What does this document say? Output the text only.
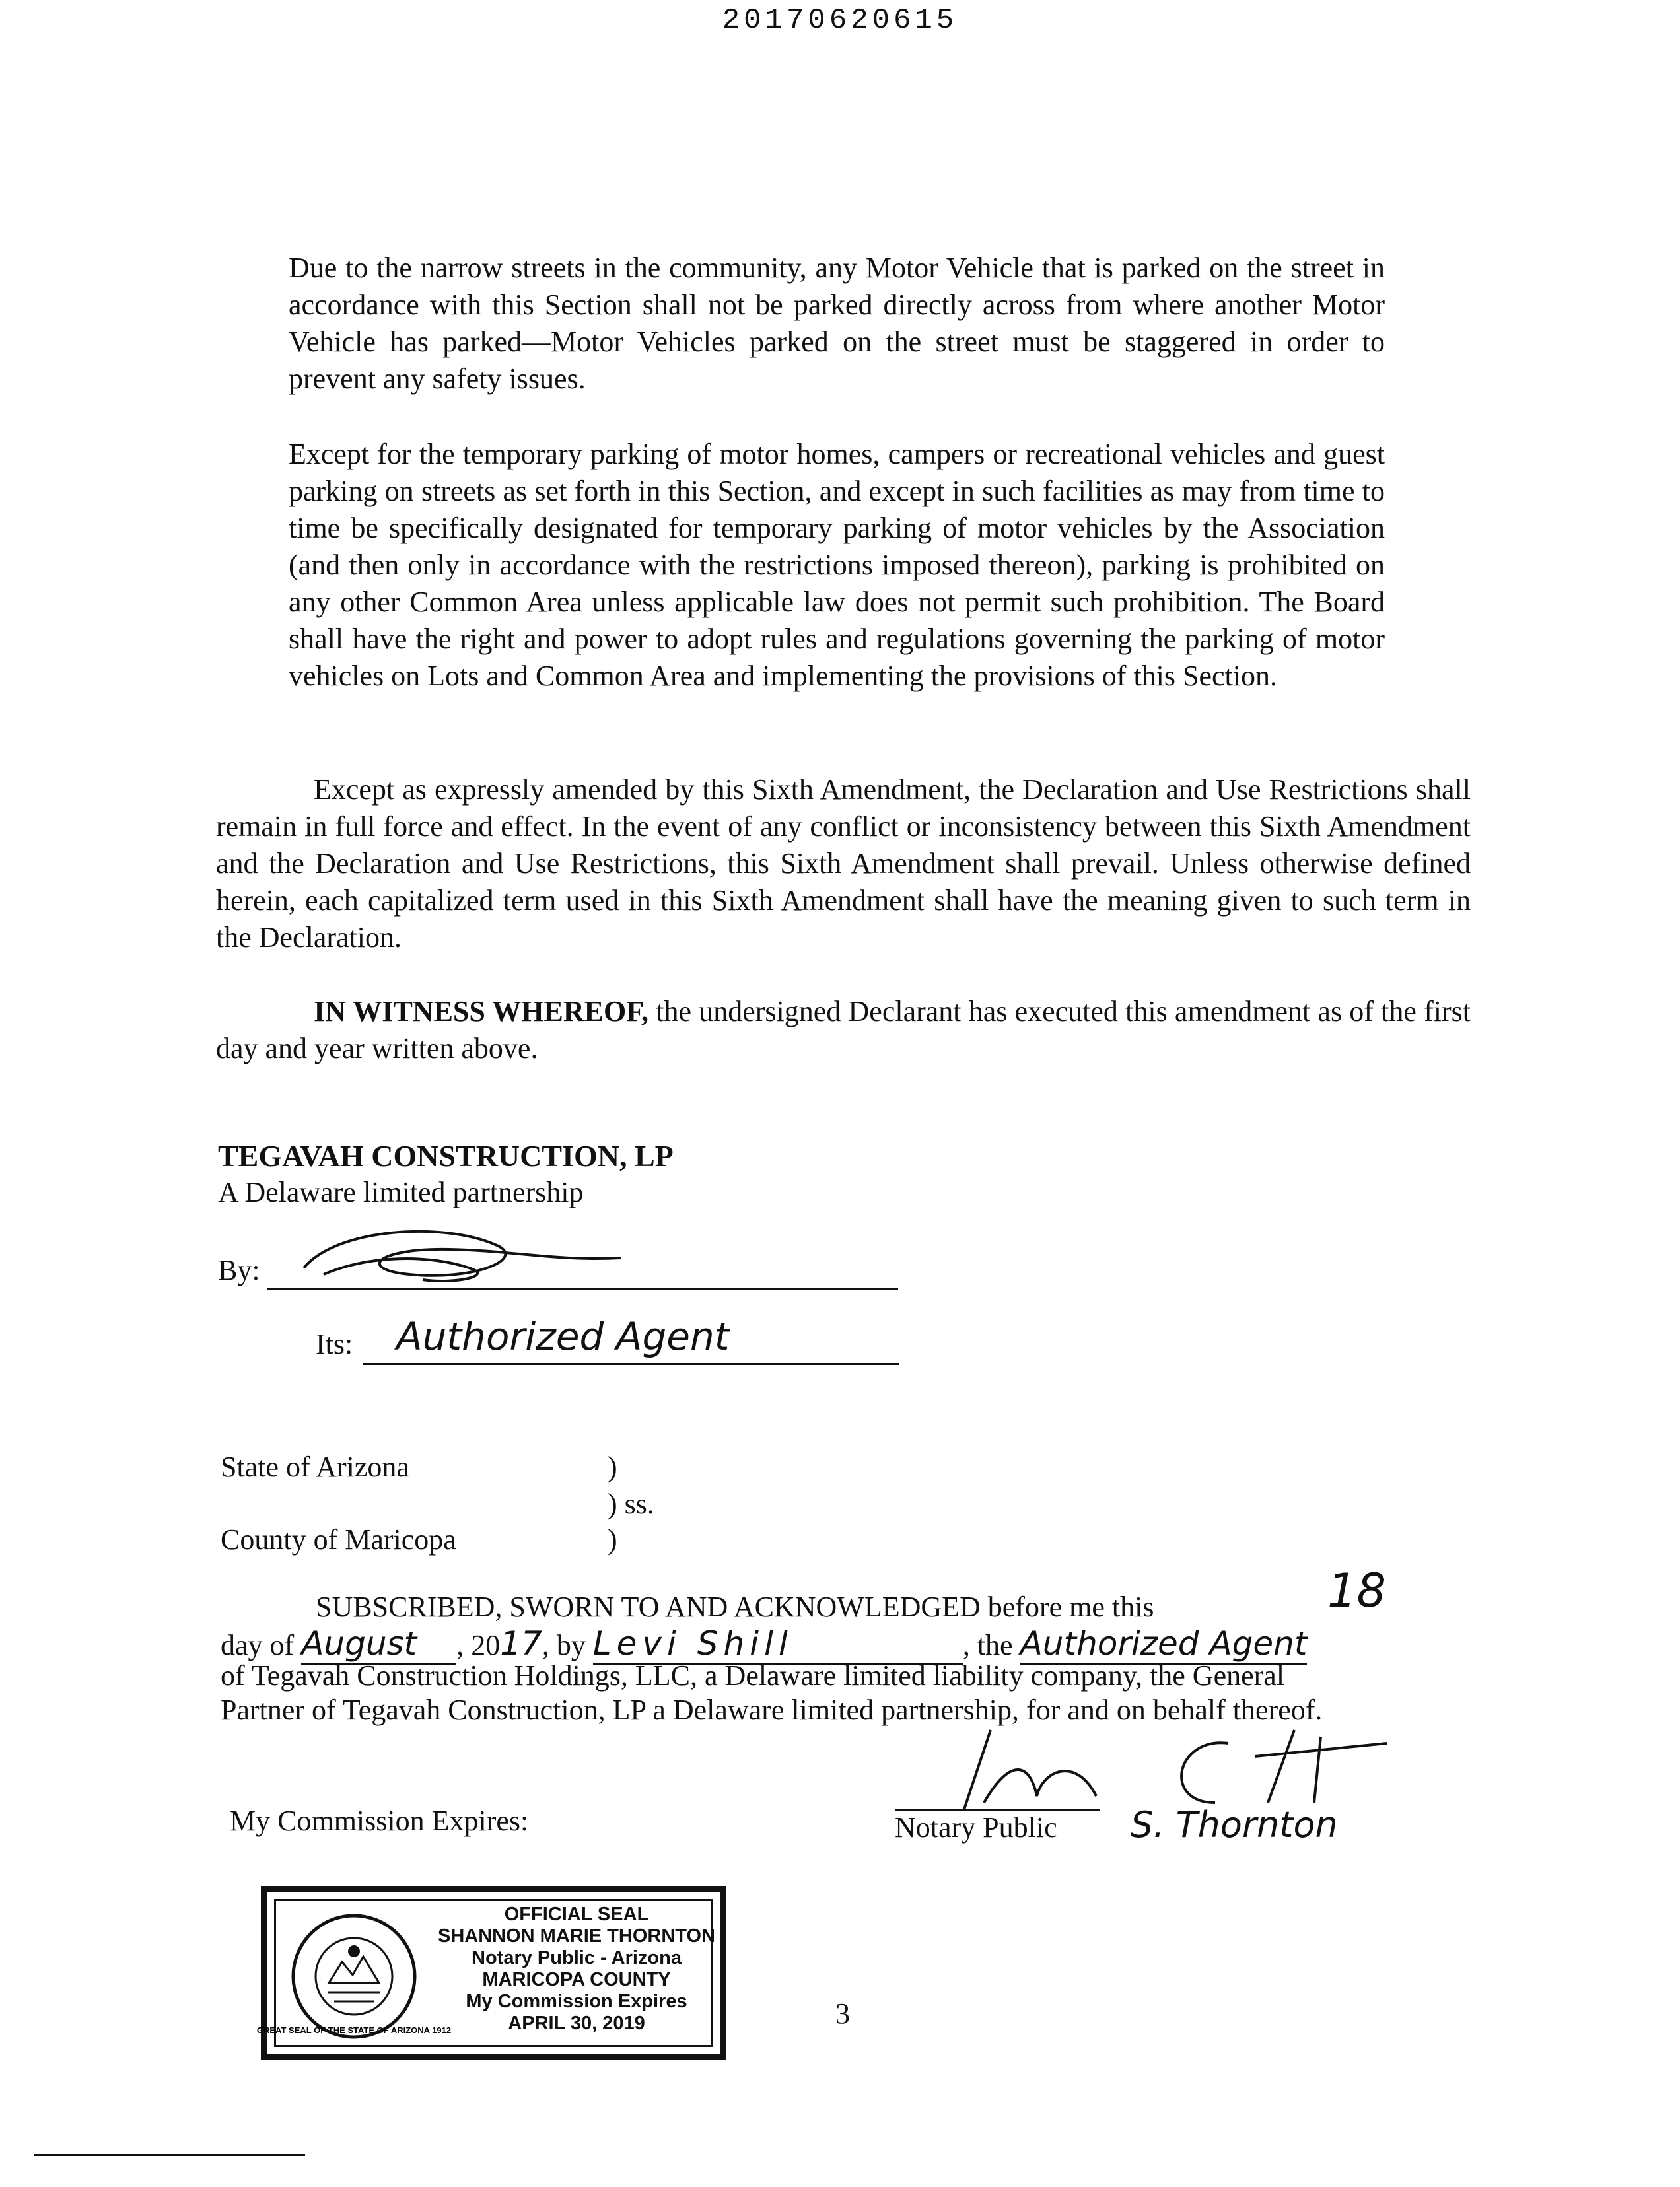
20170620615

Due to the narrow streets in the community, any Motor Vehicle that is parked on the street in accordance with this Section shall not be parked directly across from where another Motor Vehicle has parked—Motor Vehicles parked on the street must be staggered in order to prevent any safety issues.

Except for the temporary parking of motor homes, campers or recreational vehicles and guest parking on streets as set forth in this Section, and except in such facilities as may from time to time be specifically designated for temporary parking of motor vehicles by the Association (and then only in accordance with the restrictions imposed thereon), parking is prohibited on any other Common Area unless applicable law does not permit such prohibition. The Board shall have the right and power to adopt rules and regulations governing the parking of motor vehicles on Lots and Common Area and implementing the provisions of this Section.

Except as expressly amended by this Sixth Amendment, the Declaration and Use Restrictions shall remain in full force and effect. In the event of any conflict or inconsistency between this Sixth Amendment and the Declaration and Use Restrictions, this Sixth Amendment shall prevail. Unless otherwise defined herein, each capitalized term used in this Sixth Amendment shall have the meaning given to such term in the Declaration.

IN WITNESS WHEREOF, the undersigned Declarant has executed this amendment as of the first day and year written above.

TEGAVAH CONSTRUCTION, LP
A Delaware limited partnership
By:
Its: Authorized Agent
State of Arizona	)
) ss.
County of Maricopa	)
SUBSCRIBED, SWORN TO AND ACKNOWLEDGED before me this	18
day of August , 2017, by Levi Shill	, the Authorized Agent
of Tegavah Construction Holdings, LLC, a Delaware limited liability company, the General
Partner of Tegavah Construction, LP a Delaware limited partnership, for and on behalf thereof.
My Commission Expires:	Notary Public S. Thornton
GREAT SEAL OF THE STATE OF ARIZONA 1912
OFFICIAL SEAL
SHANNON MARIE THORNTON
Notary Public - Arizona
MARICOPA COUNTY
My Commission Expires
APRIL 30, 2019	3
